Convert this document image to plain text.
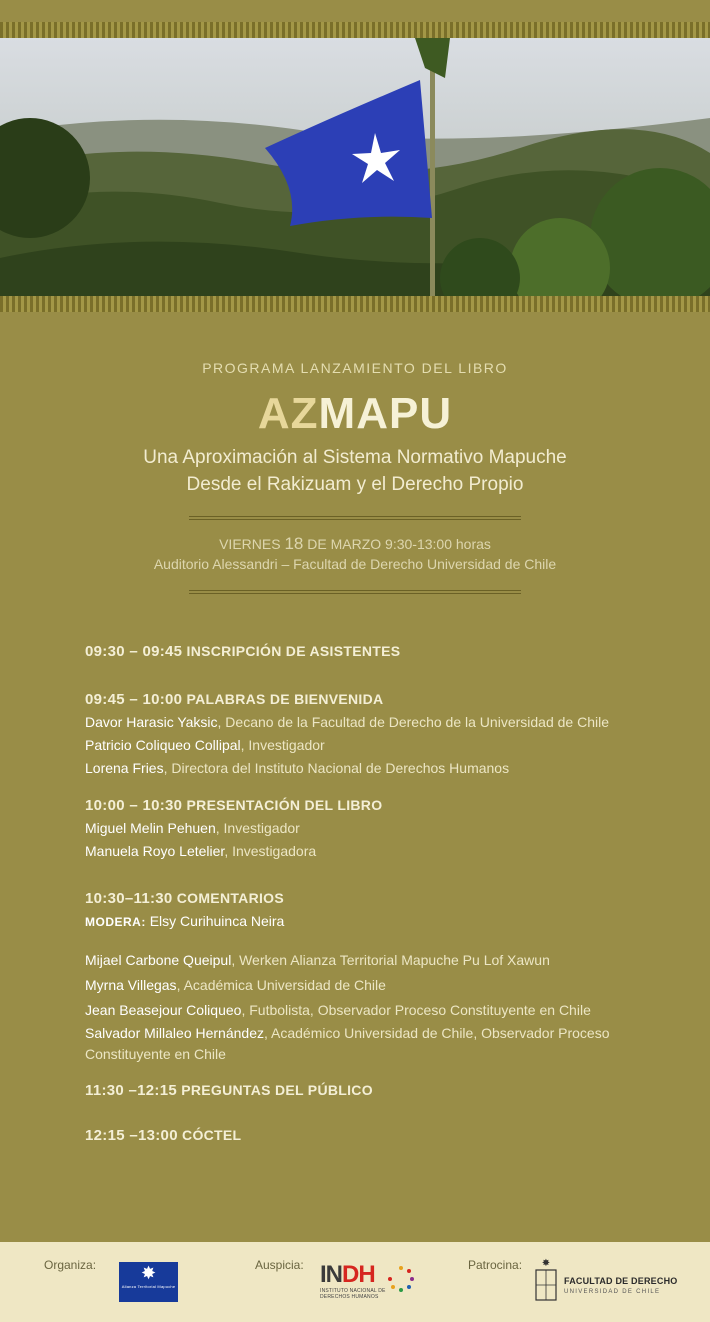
PROGRAMA LANZAMIENTO DEL LIBRO
AZMAPU
Una Aproximación al Sistema Normativo Mapuche
Desde el Rakizuam y el Derecho Propio
VIERNES 18 DE MARZO 9:30-13:00 horas
Auditorio Alessandri – Facultad de Derecho Universidad de Chile
09:30 – 09:45 INSCRIPCIÓN DE ASISTENTES
09:45 – 10:00 PALABRAS DE BIENVENIDA
Davor Harasic Yaksic, Decano de la Facultad de Derecho de la Universidad de Chile
Patricio Coliqueo Collipal, Investigador
Lorena Fries, Directora del Instituto Nacional de Derechos Humanos
10:00 – 10:30 PRESENTACIÓN DEL LIBRO
Miguel Melin Pehuen, Investigador
Manuela Royo Letelier, Investigadora
10:30–11:30 COMENTARIOS
MODERA: Elsy Curihuinca Neira
Mijael Carbone Queipul, Werken Alianza Territorial Mapuche Pu Lof Xawun
Myrna Villegas, Académica Universidad de Chile
Jean Beasejour Coliqueo, Futbolista, Observador Proceso Constituyente en Chile
Salvador Millaleo Hernández, Académico Universidad de Chile, Observador Proceso Constituyente en Chile
11:30 –12:15 PREGUNTAS DEL PÚBLICO
12:15 –13:00 CÓCTEL
Organiza:	✸
Alianza Territorial Mapuche
Auspicia: INDH
INSTITUTO NACIONAL DE DERECHOS HUMANOS
Patrocina: ✸
FACULTAD DE DERECHO
UNIVERSIDAD DE CHILE
